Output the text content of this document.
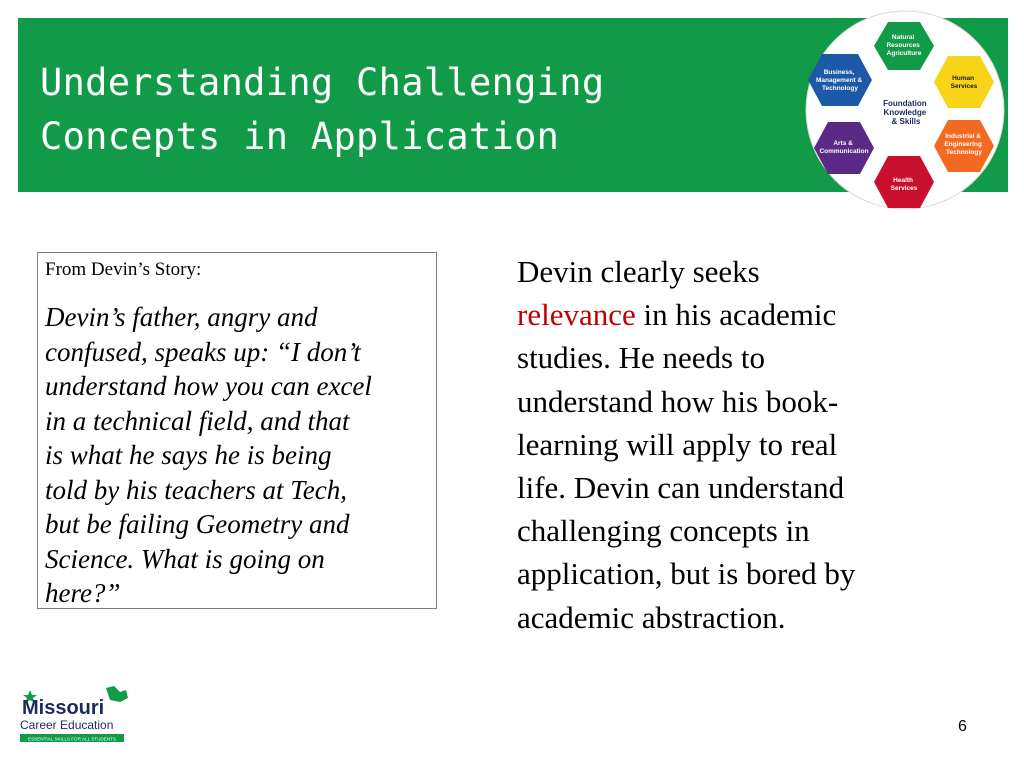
Understanding Challenging
Concepts in Application
Natural Resources Agriculture
Human Services
Industrial & Engineering Technology
Health Services
Arts & Communication
Business, Management & Technology
Foundation Knowledge & Skills
From Devin’s Story:

Devin’s father, angry and
confused, speaks up: “I don’t
understand how you can excel
in a technical field, and that
is what he says he is being
told by his teachers at Tech,
but be failing Geometry and
Science. What is going on
here?”

Devin clearly seeks
relevance in his academic
studies. He needs to
understand how his book-
learning will apply to real
life. Devin can understand
challenging concepts in
application, but is bored by
academic abstraction.
Missouri
Career Education
ESSENTIAL SKILLS FOR ALL STUDENTS
6
